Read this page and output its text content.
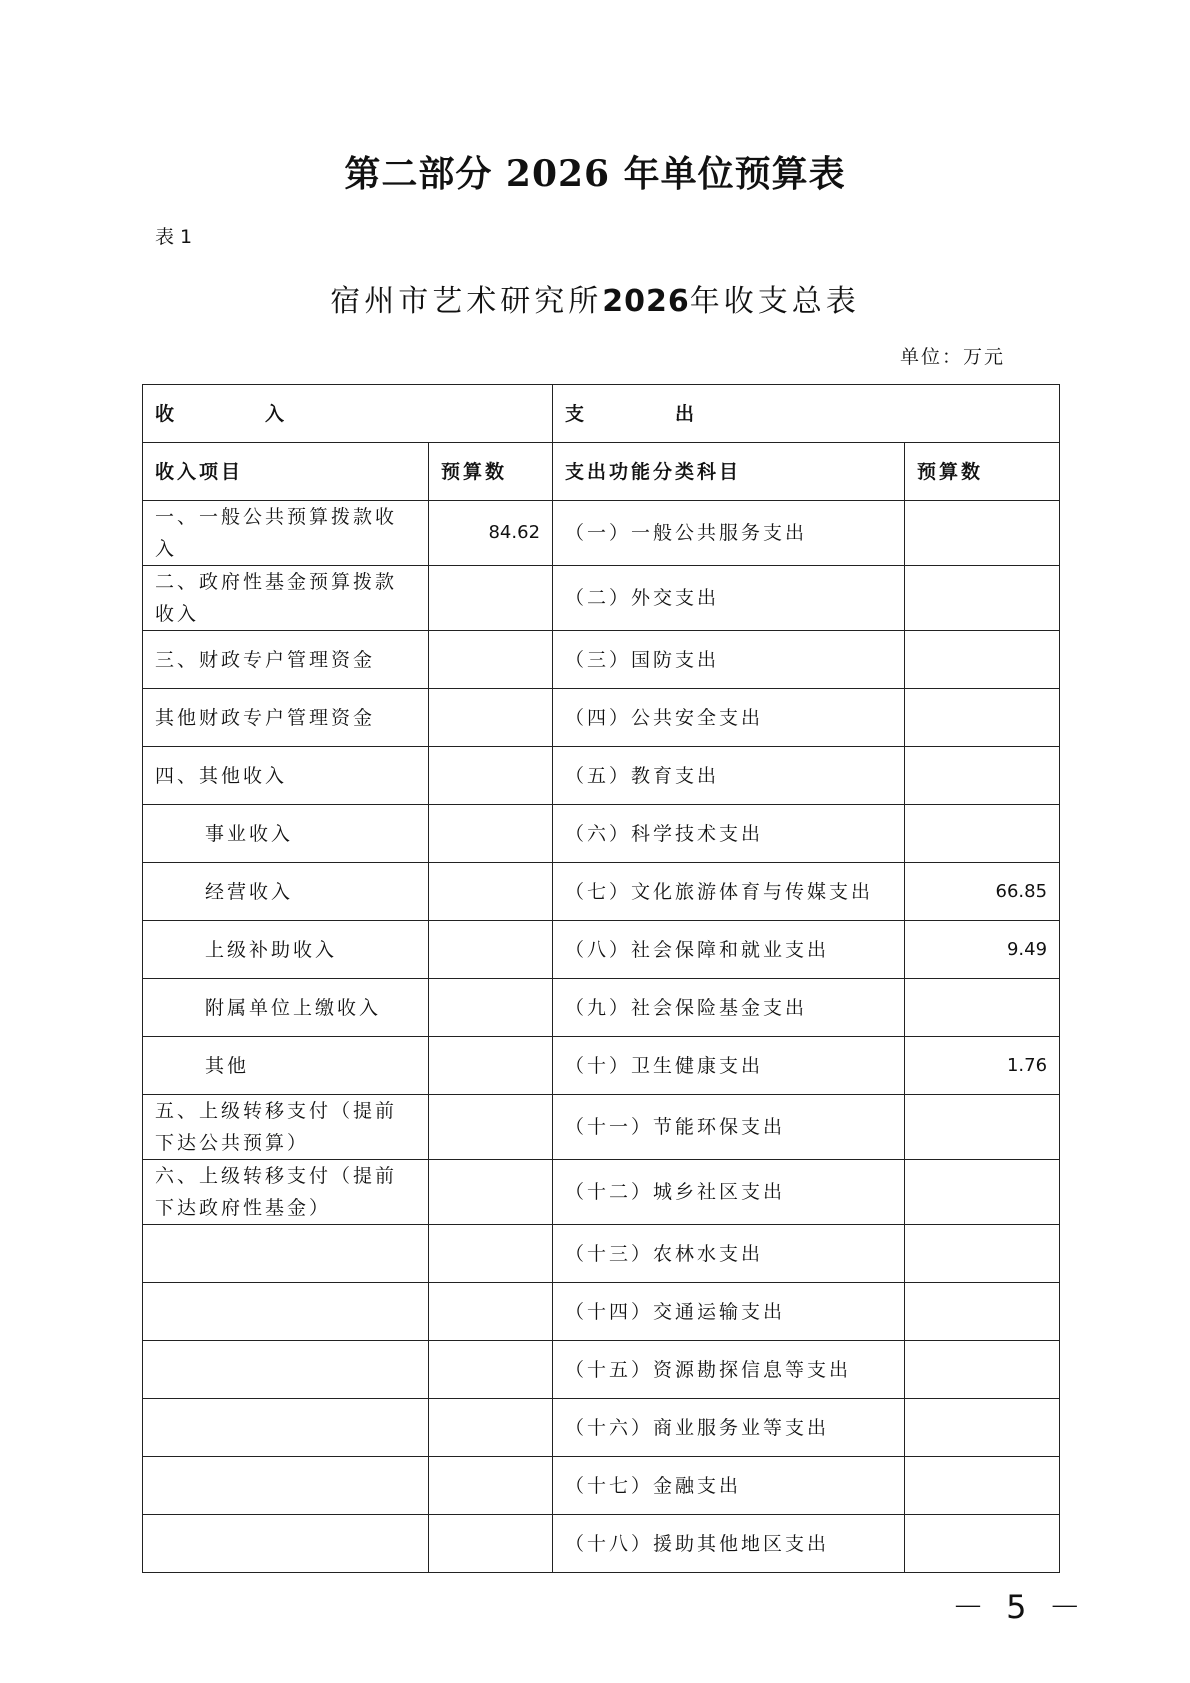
第二部分 2026 年单位预算表
表 1
宿州市艺术研究所2026年收支总表
单位：万元
收　　　　入		支　　　　出	
收入项目	预算数	支出功能分类科目	预算数
一、一般公共预算拨款收入	84.62	（一）一般公共服务支出	
二、政府性基金预算拨款收入		（二）外交支出	
三、财政专户管理资金		（三）国防支出	
其他财政专户管理资金		（四）公共安全支出	
四、其他收入		（五）教育支出	
事业收入		（六）科学技术支出	
经营收入		（七）文化旅游体育与传媒支出	66.85
上级补助收入		（八）社会保障和就业支出	9.49
附属单位上缴收入		（九）社会保险基金支出	
其他		（十）卫生健康支出	1.76
五、上级转移支付（提前下达公共预算）		（十一）节能环保支出	
六、上级转移支付（提前下达政府性基金）		（十二）城乡社区支出	
		（十三）农林水支出	
		（十四）交通运输支出	
		（十五）资源勘探信息等支出	
		（十六）商业服务业等支出	
		（十七）金融支出	
		（十八）援助其他地区支出	
－ 5 －
